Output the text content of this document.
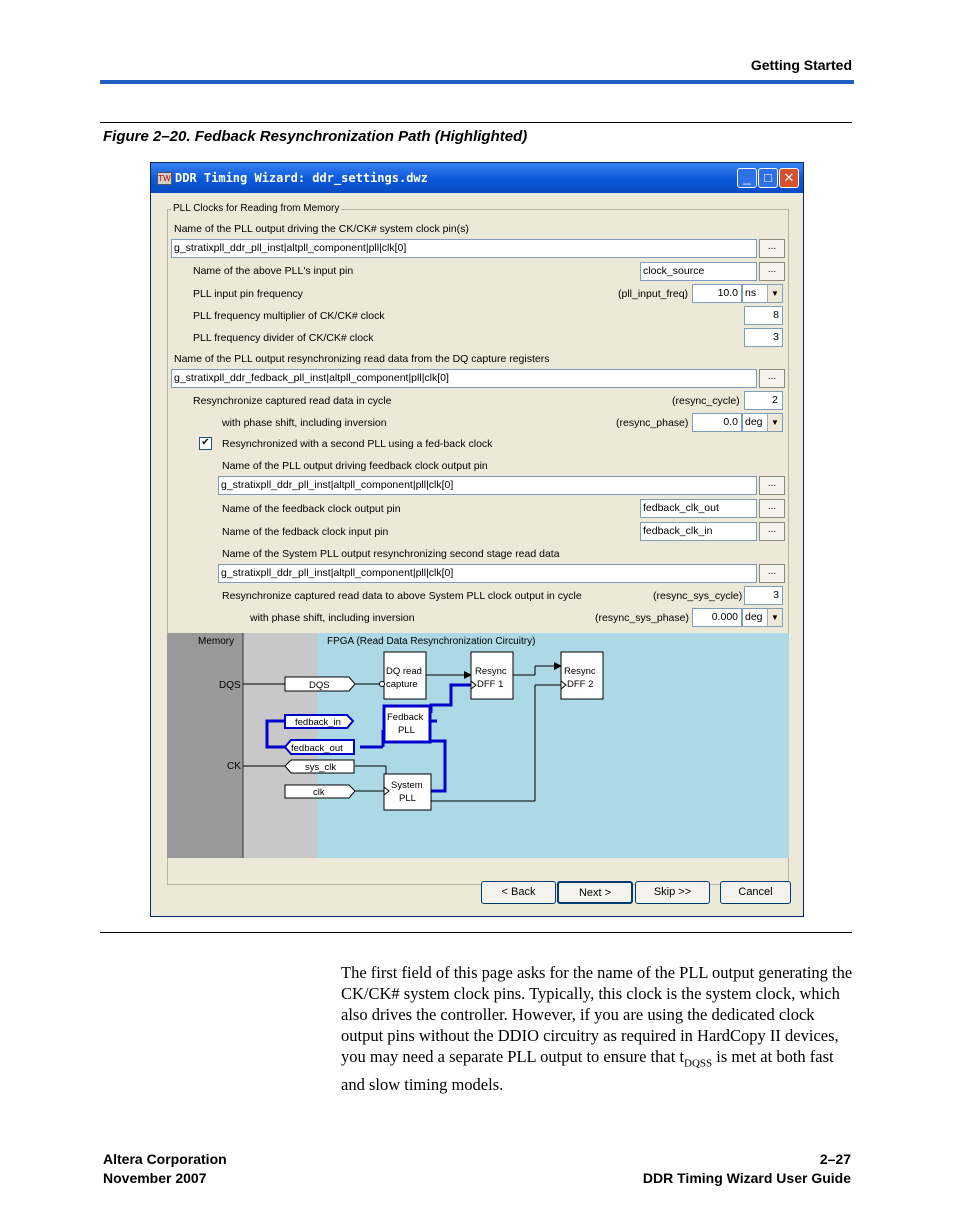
Getting Started
Figure 2–20. Fedback Resynchronization Path (Highlighted)
TW DDR Timing Wizard: ddr_settings.dwz	_	□ ✕
PLL Clocks for Reading from Memory
Name of the PLL output driving the CK/CK# system clock pin(s)
g_stratixpll_ddr_pll_inst|altpll_component|pll|clk[0]	...
Name of the above PLL's input pin	clock_source	...
PLL input pin frequency	(pll_input_freq)	10.0 ns	▼
PLL frequency multiplier of CK/CK# clock	8
PLL frequency divider of CK/CK# clock	3
Name of the PLL output resynchronizing read data from the DQ capture registers
g_stratixpll_ddr_fedback_pll_inst|altpll_component|pll|clk[0]	...
Resynchronize captured read data in cycle	(resync_cycle)	2
with phase shift, including inversion	(resync_phase)	0.0 deg	▼
✔ Resynchronized with a second PLL using a fed-back clock
Name of the PLL output driving feedback clock output pin
g_stratixpll_ddr_pll_inst|altpll_component|pll|clk[0]	...
Name of the feedback clock output pin	fedback_clk_out	...
Name of the fedback clock input pin	fedback_clk_in	...
Name of the System PLL output resynchronizing second stage read data
g_stratixpll_ddr_pll_inst|altpll_component|pll|clk[0]	...
Resynchronize captured read data to above System PLL clock output in cycle	(resync_sys_cycle)	3
with phase shift, including inversion	(resync_sys_phase)	0.000 deg	▼
Memory	FPGA (Read Data Resynchronization Circuitry)
DQS
CK
DQS
fedback_in
fedback_out
sys_clk
clk
DQ read
capture
Resync
DFF 1
Resync
DFF 2
Fedback
PLL
System
PLL
< Back	Next >	Skip >>	Cancel
The first field of this page asks for the name of the PLL output generating the CK/CK# system clock pins. Typically, this clock is the system clock, which also drives the controller. However, if you are using the dedicated clock output pins without the DDIO circuitry as required in HardCopy II devices, you may need a separate PLL output to ensure that $t_{DQSS}$ is met at both fast and slow timing models.
Altera Corporation
November 2007
2–27
DDR Timing Wizard User Guide
